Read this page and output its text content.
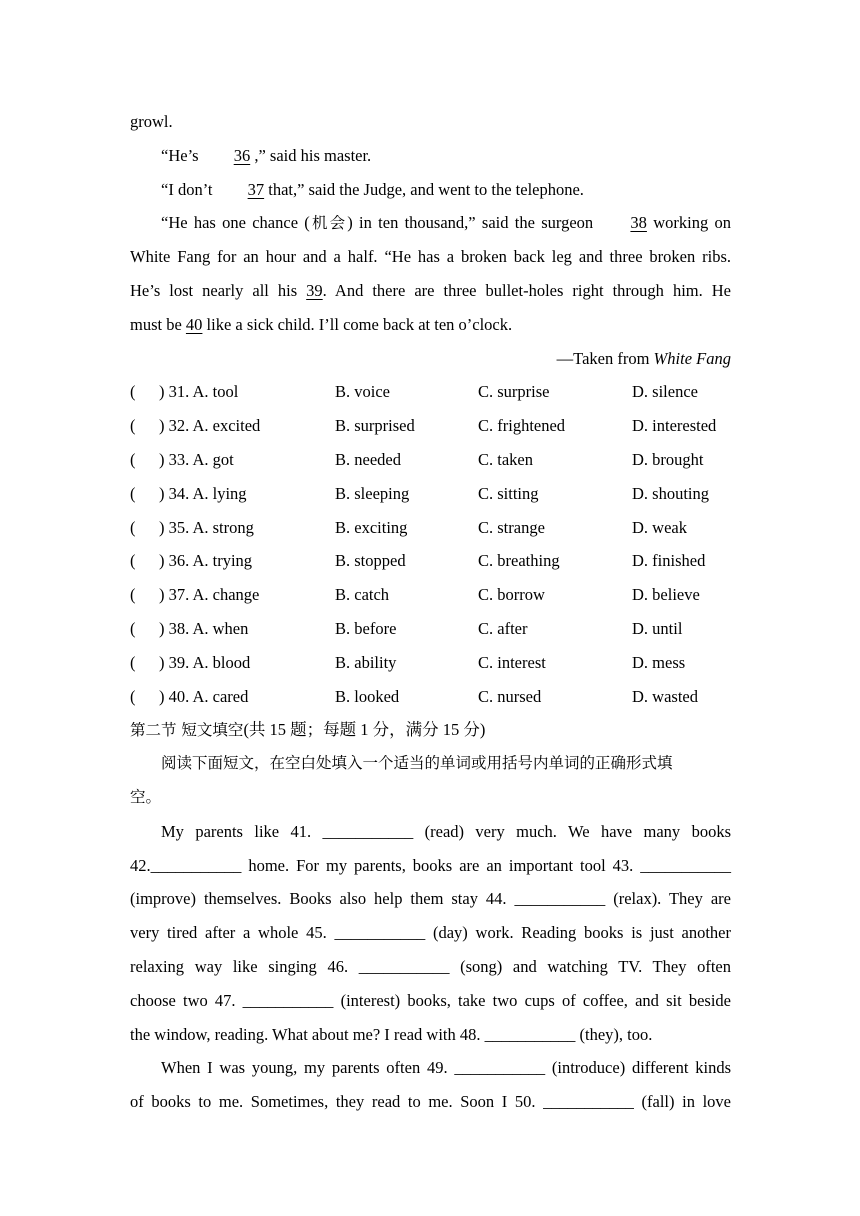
growl.
“He’s 36 ,” said his master.
“I don’t 37 that,” said the Judge, and went to the telephone.
“He has one chance (机会) in ten thousand,” said the surgeon 38 working on
White Fang for an hour and a half. “He has a broken back leg and three broken ribs.
He’s lost nearly all his 39. And there are three bullet-holes right through him. He
must be 40 like a sick child. I’ll come back at ten o’clock.
—Taken from White Fang
( ) 31. A. tool	B. voice	C. surprise	D. silence
( ) 32. A. excited	B. surprised	C. frightened	D. interested
( ) 33. A. got	B. needed	C. taken	D. brought
( ) 34. A. lying	B. sleeping	C. sitting	D. shouting
( ) 35. A. strong	B. exciting	C. strange	D. weak
( ) 36. A. trying	B. stopped	C. breathing	D. finished
( ) 37. A. change	B. catch	C. borrow	D. believe
( ) 38. A. when	B. before	C. after	D. until
( ) 39. A. blood	B. ability	C. interest	D. mess
( ) 40. A. cared	B. looked	C. nursed	D. wasted
第二节 短文填空(共 15 题；每题 1 分，满分 15 分)
阅读下面短文，在空白处填入一个适当的单词或用括号内单词的正确形式填
空。
My parents like 41. ___________ (read) very much. We have many books
42.___________ home. For my parents, books are an important tool 43. ___________
(improve) themselves. Books also help them stay 44. ___________ (relax). They are
very tired after a whole 45. ___________ (day) work. Reading books is just another
relaxing way like singing 46. ___________ (song) and watching TV. They often
choose two 47. ___________ (interest) books, take two cups of coffee, and sit beside
the window, reading. What about me? I read with 48. ___________ (they), too.
When I was young, my parents often 49. ___________ (introduce) different kinds
of books to me. Sometimes, they read to me. Soon I 50. ___________ (fall) in love
